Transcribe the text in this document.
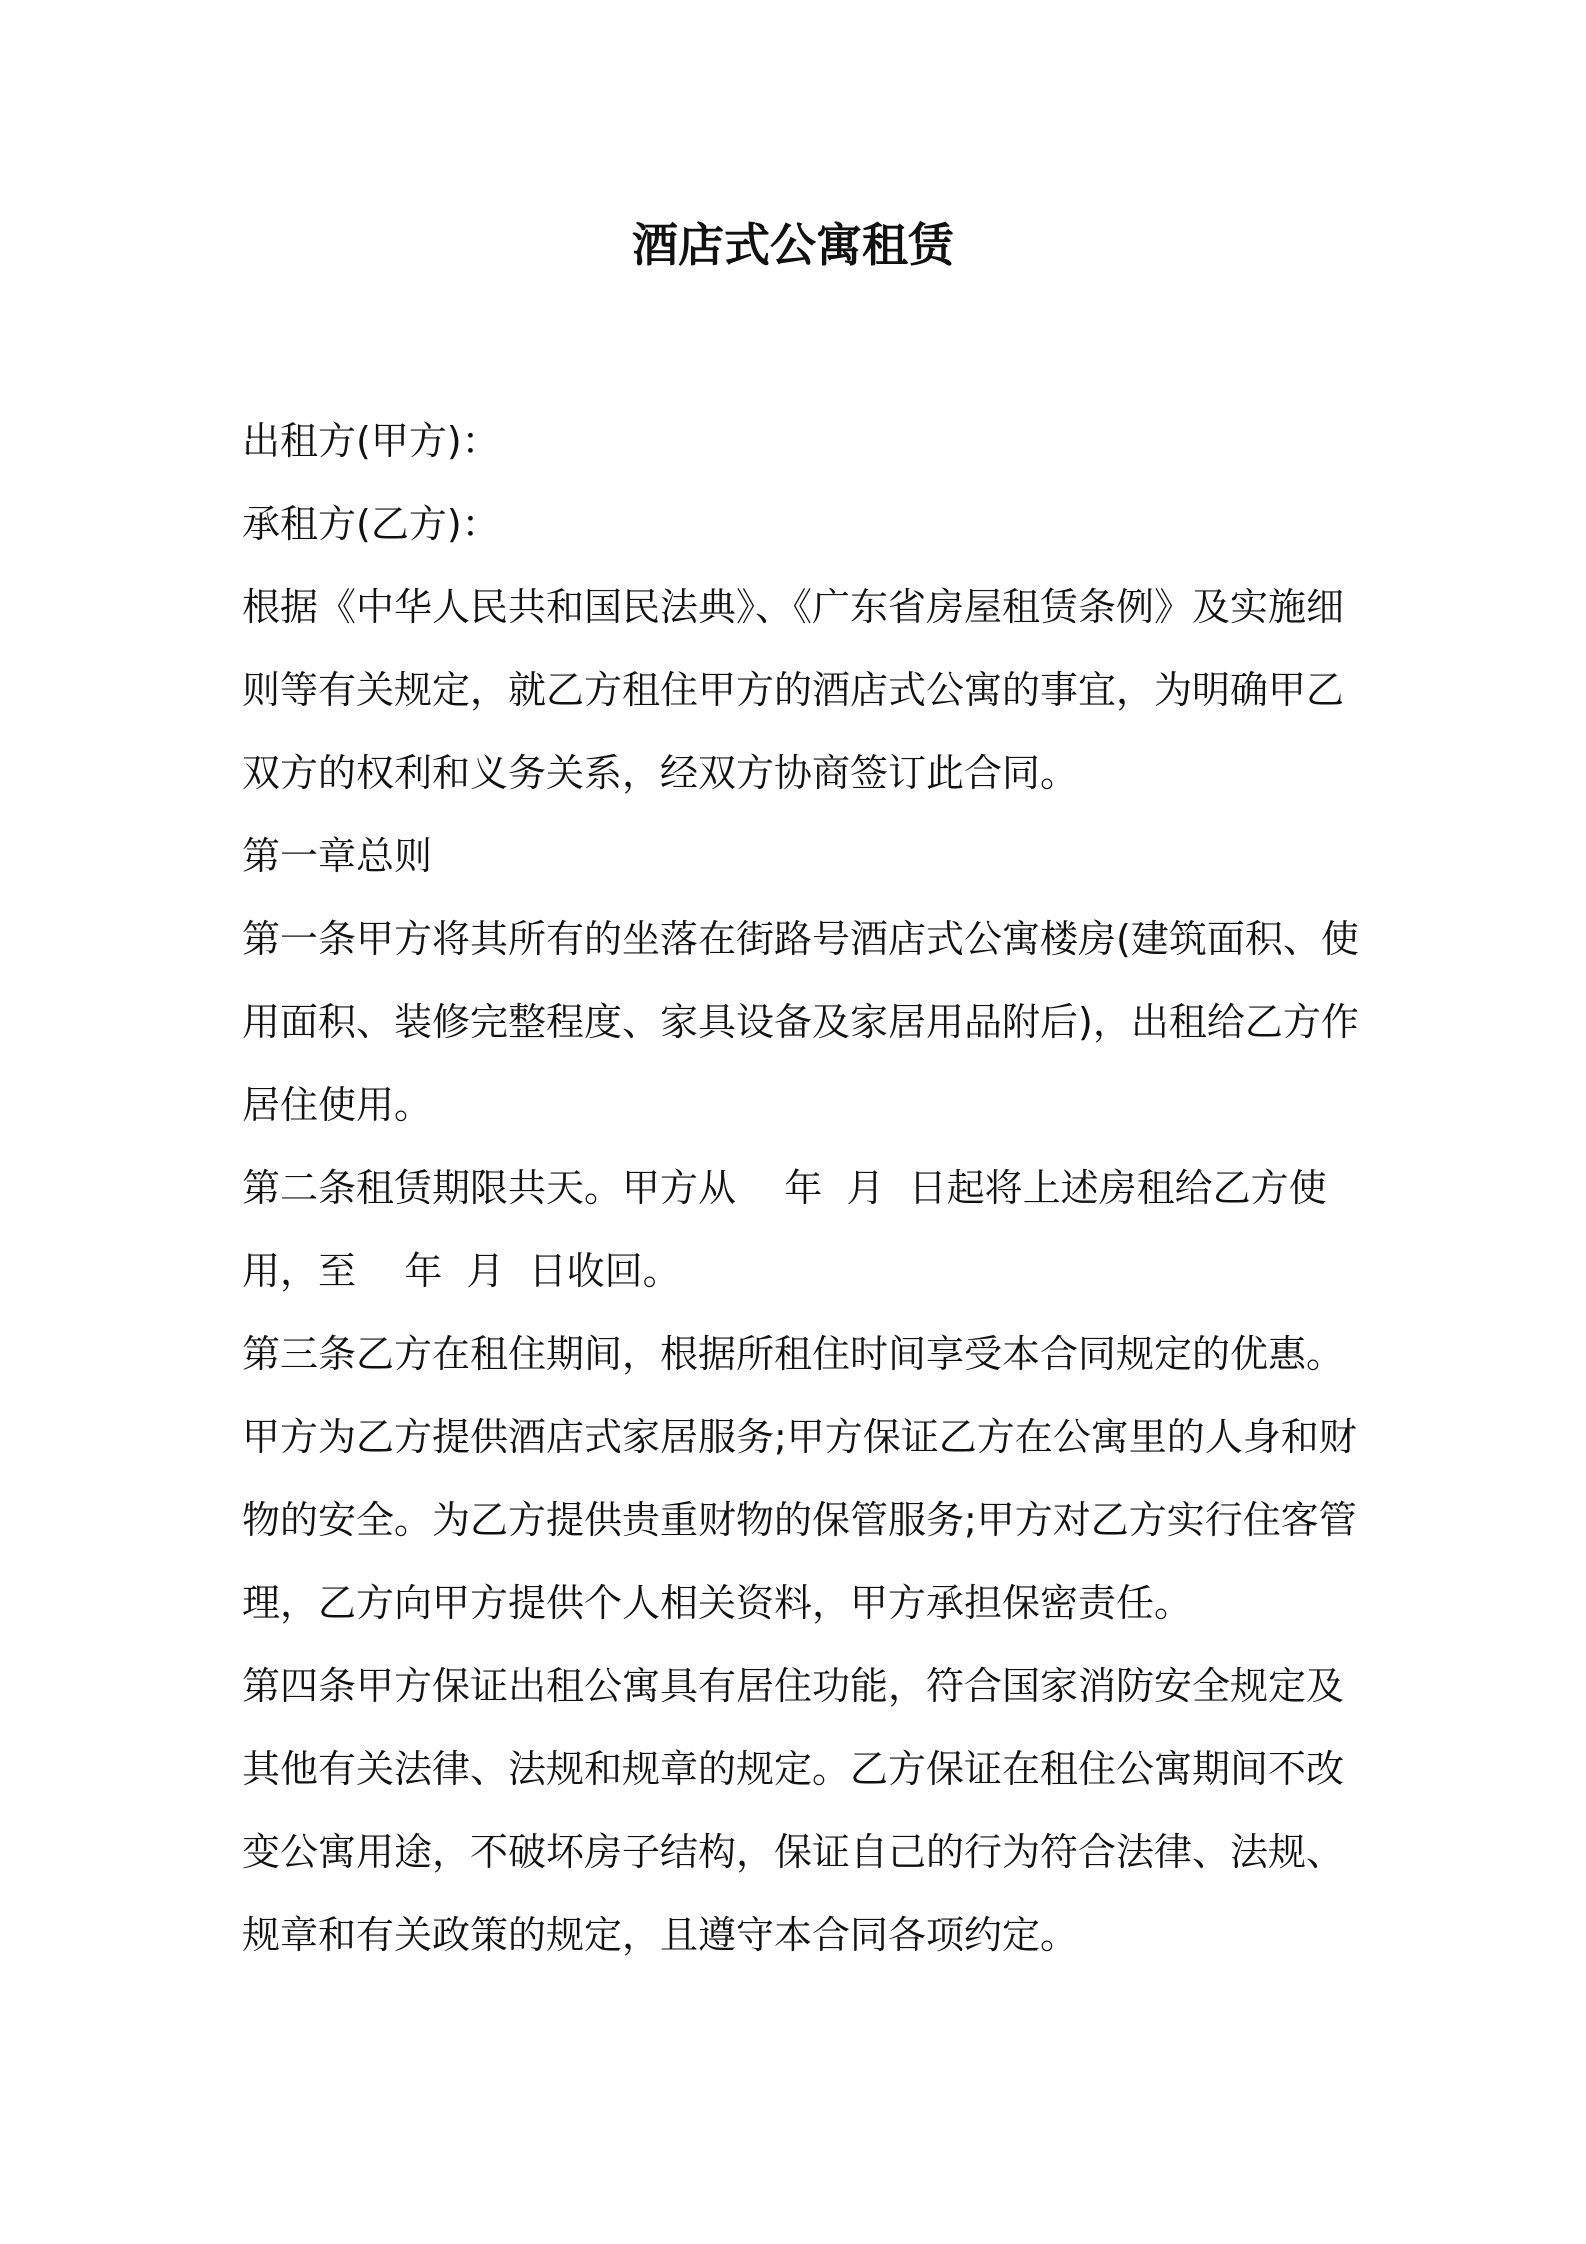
酒店式公寓租赁

出租方(甲方)：

承租方(乙方)：

根据《中华人民共和国民法典》、《广东省房屋租赁条例》及实施细则等有关规定，就乙方租住甲方的酒店式公寓的事宜，为明确甲乙双方的权利和义务关系，经双方协商签订此合同。

第一章总则

第一条甲方将其所有的坐落在街路号酒店式公寓楼房(建筑面积、使用面积、装修完整程度、家具设备及家居用品附后)，出租给乙方作居住使用。

第二条租赁期限共天。甲方从    年  月  日起将上述房租给乙方使用，至    年  月  日收回。

第三条乙方在租住期间，根据所租住时间享受本合同规定的优惠。甲方为乙方提供酒店式家居服务;甲方保证乙方在公寓里的人身和财物的安全。为乙方提供贵重财物的保管服务;甲方对乙方实行住客管理，乙方向甲方提供个人相关资料，甲方承担保密责任。

第四条甲方保证出租公寓具有居住功能，符合国家消防安全规定及其他有关法律、法规和规章的规定。乙方保证在租住公寓期间不改变公寓用途，不破坏房子结构，保证自己的行为符合法律、法规、规章和有关政策的规定，且遵守本合同各项约定。
